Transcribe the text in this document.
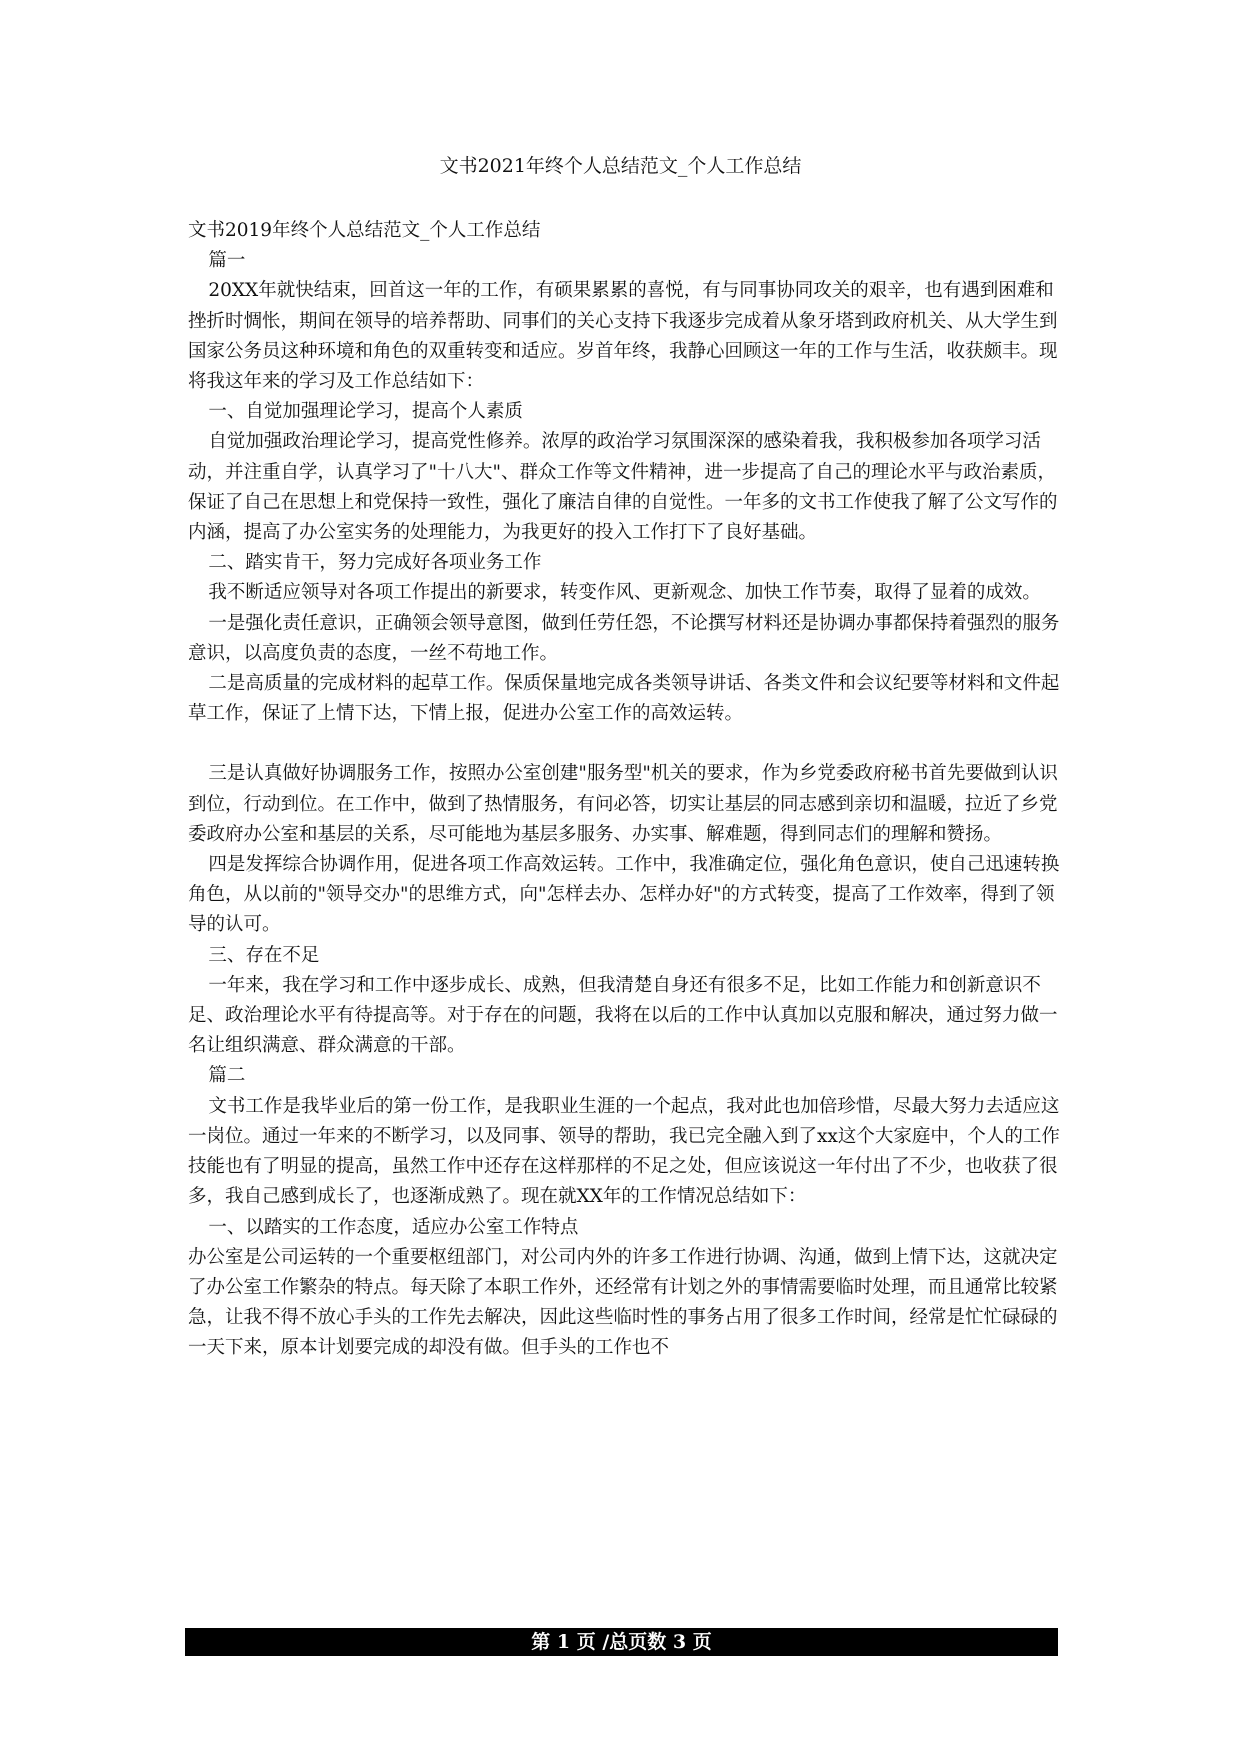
文书2021年终个人总结范文_个人工作总结

文书2019年终个人总结范文_个人工作总结

篇一

20XX年就快结束，回首这一年的工作，有硕果累累的喜悦，有与同事协同攻关的艰辛，也有遇到困难和挫折时惆怅，期间在领导的培养帮助、同事们的关心支持下我逐步完成着从象牙塔到政府机关、从大学生到国家公务员这种环境和角色的双重转变和适应。岁首年终，我静心回顾这一年的工作与生活，收获颇丰。现将我这年来的学习及工作总结如下：

一、自觉加强理论学习，提高个人素质

自觉加强政治理论学习，提高党性修养。浓厚的政治学习氛围深深的感染着我，我积极参加各项学习活动，并注重自学，认真学习了"十八大"、群众工作等文件精神，进一步提高了自己的理论水平与政治素质，保证了自己在思想上和党保持一致性，强化了廉洁自律的自觉性。一年多的文书工作使我了解了公文写作的内涵，提高了办公室实务的处理能力，为我更好的投入工作打下了良好基础。

二、踏实肯干，努力完成好各项业务工作

我不断适应领导对各项工作提出的新要求，转变作风、更新观念、加快工作节奏，取得了显着的成效。

一是强化责任意识，正确领会领导意图，做到任劳任怨，不论撰写材料还是协调办事都保持着强烈的服务意识，以高度负责的态度，一丝不苟地工作。

二是高质量的完成材料的起草工作。保质保量地完成各类领导讲话、各类文件和会议纪要等材料和文件起草工作，保证了上情下达，下情上报，促进办公室工作的高效运转。

三是认真做好协调服务工作，按照办公室创建"服务型"机关的要求，作为乡党委政府秘书首先要做到认识到位，行动到位。在工作中，做到了热情服务，有问必答，切实让基层的同志感到亲切和温暖，拉近了乡党委政府办公室和基层的关系，尽可能地为基层多服务、办实事、解难题，得到同志们的理解和赞扬。

四是发挥综合协调作用，促进各项工作高效运转。工作中，我准确定位，强化角色意识，使自己迅速转换角色，从以前的"领导交办"的思维方式，向"怎样去办、怎样办好"的方式转变，提高了工作效率，得到了领导的认可。

三、存在不足

一年来，我在学习和工作中逐步成长、成熟，但我清楚自身还有很多不足，比如工作能力和创新意识不足、政治理论水平有待提高等。对于存在的问题，我将在以后的工作中认真加以克服和解决，通过努力做一名让组织满意、群众满意的干部。

篇二

文书工作是我毕业后的第一份工作，是我职业生涯的一个起点，我对此也加倍珍惜，尽最大努力去适应这一岗位。通过一年来的不断学习，以及同事、领导的帮助，我已完全融入到了xx这个大家庭中，个人的工作技能也有了明显的提高，虽然工作中还存在这样那样的不足之处，但应该说这一年付出了不少，也收获了很多，我自己感到成长了，也逐渐成熟了。现在就XX年的工作情况总结如下：

一、以踏实的工作态度，适应办公室工作特点

办公室是公司运转的一个重要枢纽部门，对公司内外的许多工作进行协调、沟通，做到上情下达，这就决定了办公室工作繁杂的特点。每天除了本职工作外，还经常有计划之外的事情需要临时处理，而且通常比较紧急，让我不得不放心手头的工作先去解决，因此这些临时性的事务占用了很多工作时间，经常是忙忙碌碌的一天下来，原本计划要完成的却没有做。但手头的工作也不

第 1 页 /总页数 3 页
